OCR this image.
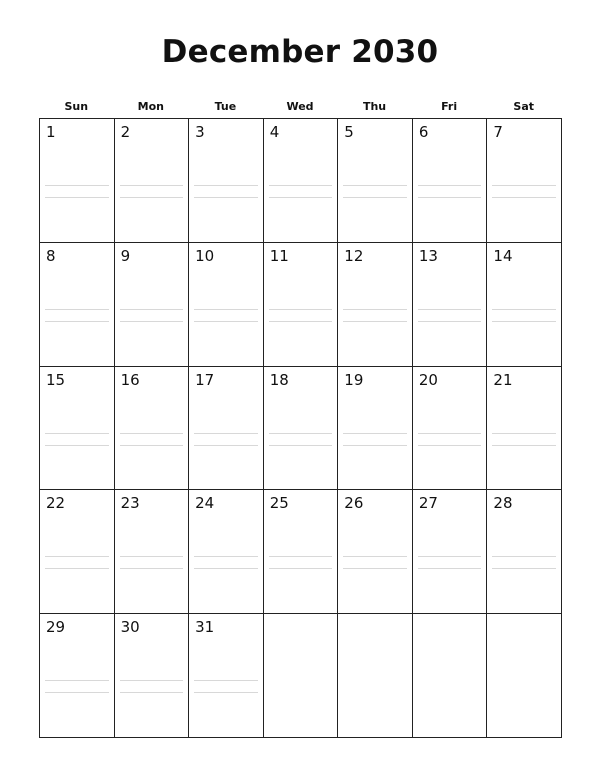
December 2030
Sun	Mon	Tue	Wed	Thu	Fri	Sat
1	2	3	4	5	6	7
8	9	10	11	12	13	14
15	16	17	18	19	20	21
22	23	24	25	26	27	28
29	30	31
